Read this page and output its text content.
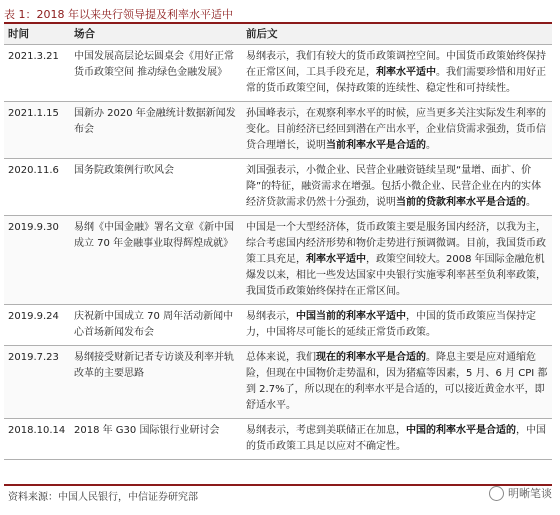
表 1：2018 年以来央行领导提及利率水平适中
时间	场合	前后文
2021.3.21	中国发展高层论坛圆桌会《用好正常货币政策空间 推动绿色金融发展》	易纲表示，我们有较大的货币政策调控空间。中国货币政策始终保持在正常区间，工具手段充足，利率水平适中。我们需要珍惜和用好正常的货币政策空间，保持政策的连续性、稳定性和可持续性。
2021.1.15	国新办 2020 年金融统计数据新闻发布会	孙国峰表示，在观察利率水平的时候，应当更多关注实际发生利率的变化。目前经济已经回到潜在产出水平，企业信贷需求强劲，货币信贷合理增长，说明当前利率水平是合适的。
2020.11.6	国务院政策例行吹风会	刘国强表示，小微企业、民营企业融资链续呈现“量增、面扩、价降”的特征，融资需求在增强。包括小微企业、民营企业在内的实体经济贷款需求仍然十分强劲，说明当前的贷款利率水平是合适的。
2019.9.30	易纲《中国金融》署名文章《新中国成立 70 年金融事业取得辉煌成就》	中国是一个大型经济体，货币政策主要是服务国内经济，以我为主，综合考虑国内经济形势和物价走势进行预调微调。目前，我国货币政策工具充足，利率水平适中，政策空间较大。2008 年国际金融危机爆发以来，相比一些发达国家中央银行实施零利率甚至负利率政策，我国货币政策始终保持在正常区间。
2019.9.24	庆祝新中国成立 70 周年活动新闻中心首场新闻发布会	易纲表示，中国当前的利率水平适中，中国的货币政策应当保持定力，中国将尽可能长的延续正常货币政策。
2019.7.23	易纲接受财新记者专访谈及利率并轨改革的主要思路	总体来说，我们现在的利率水平是合适的。降息主要是应对通缩危险，但现在中国物价走势温和，因为猪瘟等因素，5 月、6 月 CPI 都到 2.7%了，所以现在的利率水平是合适的，可以接近黄金水平，即舒适水平。
2018.10.14	2018 年 G30 国际银行业研讨会	易纲表示，考虑到美联储正在加息，中国的利率水平是合适的，中国的货币政策工具足以应对不确定性。
资料来源：中国人民银行，中信证券研究部	明晰笔谈
